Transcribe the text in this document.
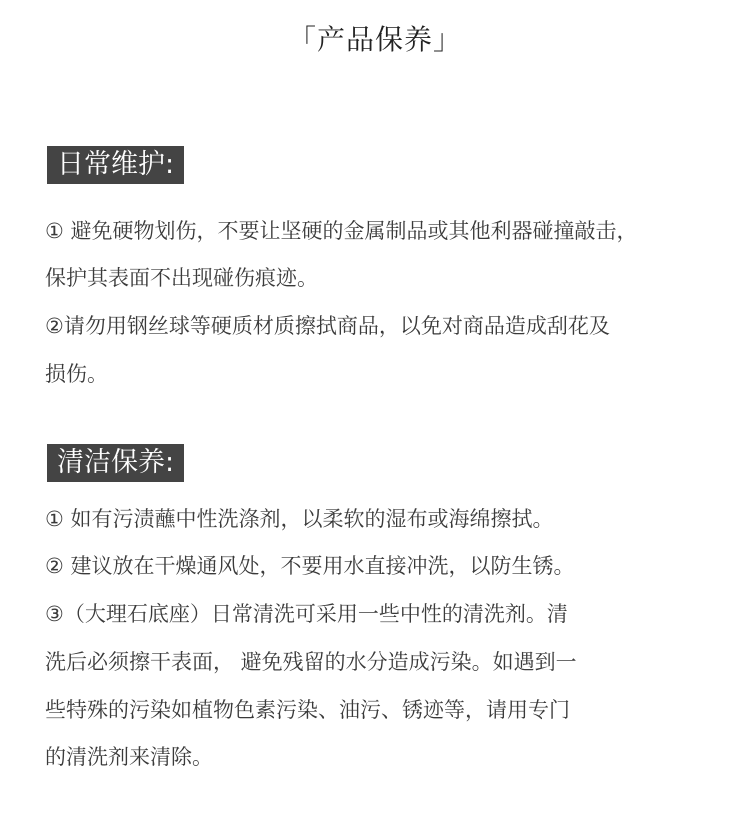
「产品保养」
日常维护:
① 避免硬物划伤，不要让坚硬的金属制品或其他利器碰撞敲击，
保护其表面不出现碰伤痕迹。
②请勿用钢丝球等硬质材质擦拭商品，以免对商品造成刮花及
损伤。
清洁保养:
① 如有污渍蘸中性洗涤剂，以柔软的湿布或海绵擦拭。
② 建议放在干燥通风处，不要用水直接冲洗，以防生锈。
③（大理石底座）日常清洗可采用一些中性的清洗剂。清
洗后必须擦干表面， 避免残留的水分造成污染。如遇到一
些特殊的污染如植物色素污染、油污、锈迹等，请用专门
的清洗剂来清除。
